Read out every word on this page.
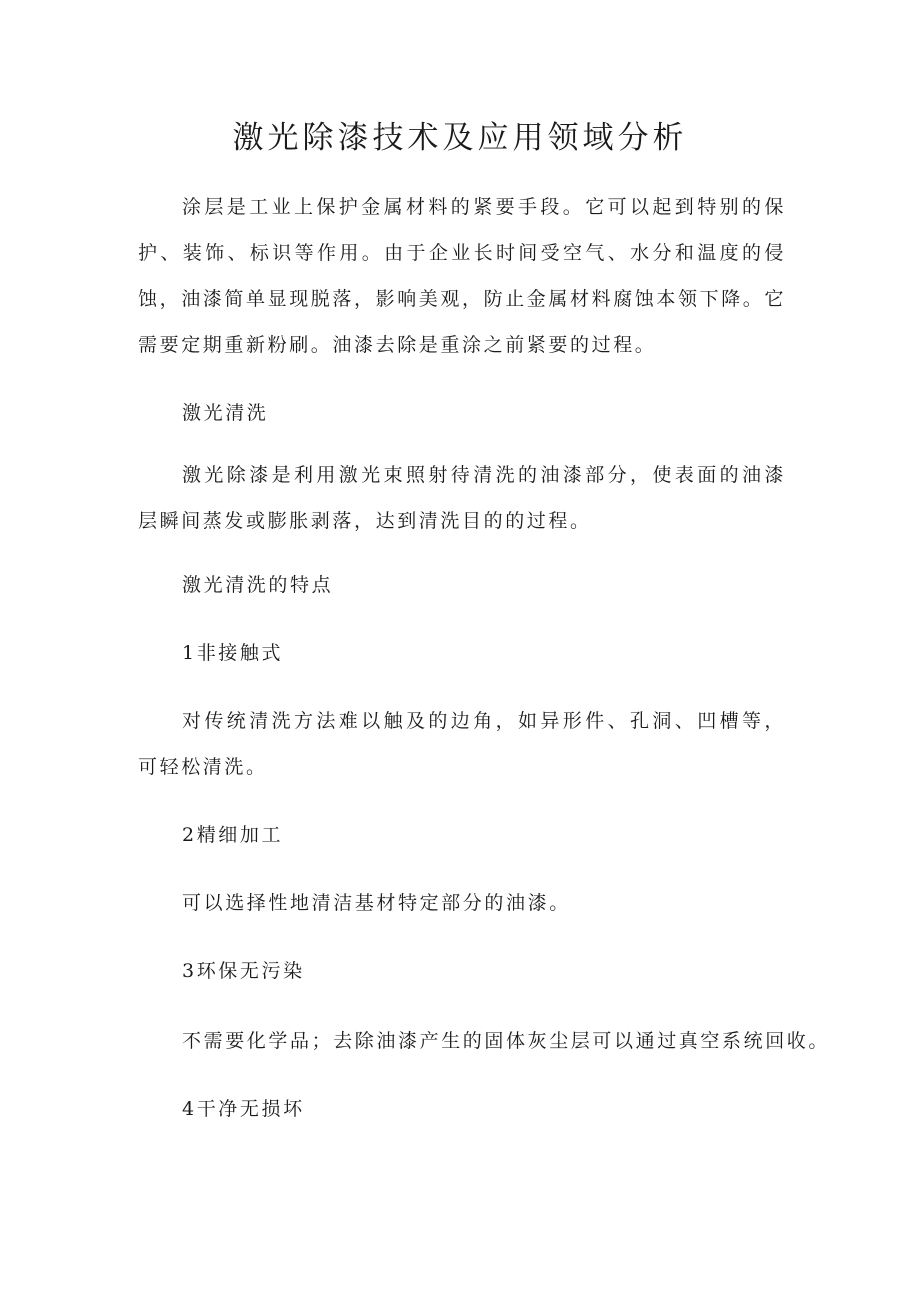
激光除漆技术及应用领域分析

涂层是工业上保护金属材料的紧要手段。它可以起到特别的保护、装饰、标识等作用。由于企业长时间受空气、水分和温度的侵蚀，油漆简单显现脱落，影响美观，防止金属材料腐蚀本领下降。它需要定期重新粉刷。油漆去除是重涂之前紧要的过程。

激光清洗

激光除漆是利用激光束照射待清洗的油漆部分，使表面的油漆层瞬间蒸发或膨胀剥落，达到清洗目的的过程。

激光清洗的特点

1非接触式

对传统清洗方法难以触及的边角，如异形件、孔洞、凹槽等，可轻松清洗。

2精细加工

可以选择性地清洁基材特定部分的油漆。

3环保无污染

不需要化学品；去除油漆产生的固体灰尘层可以通过真空系统回收。

4干净无损坏
